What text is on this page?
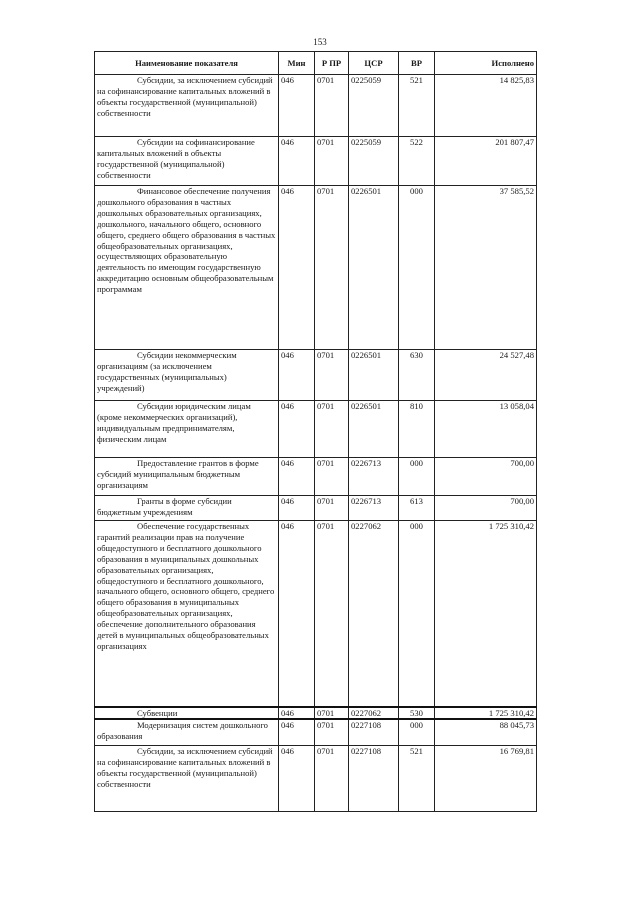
153
Наименование показателя	Мин	Р ПР	ЦСР	ВР	Исполнено

Субсидии, за исключением субсидий на софинансирование капитальных вложений в объекты государственной (муниципальной) собственности	046	0701	0225059	521	14 825,83

Субсидии на софинансирование капитальных вложений в объекты государственной (муниципальной) собственности	046	0701	0225059	522	201 807,47

Финансовое обеспечение получения дошкольного образования в частных дошкольных образовательных организациях, дошкольного, начального общего, основного общего, среднего общего образования в частных общеобразовательных организациях, осуществляющих образовательную деятельность по имеющим государственную аккредитацию основным общеобразовательным программам	046	0701	0226501	000	37 585,52

Субсидии некоммерческим организациям (за исключением государственных (муниципальных) учреждений)	046	0701	0226501	630	24 527,48

Субсидии юридическим лицам (кроме некоммерческих организаций), индивидуальным предпринимателям, физическим лицам	046	0701	0226501	810	13 058,04

Предоставление грантов в форме субсидий муниципальным бюджетным организациям	046	0701	0226713	000	700,00

Гранты в форме субсидии бюджетным учреждениям	046	0701	0226713	613	700,00

Обеспечение государственных гарантий реализации прав на получение общедоступного и бесплатного дошкольного образования в муниципальных дошкольных образовательных организациях, общедоступного и бесплатного дошкольного, начального общего, основного общего, среднего общего образования в муниципальных общеобразовательных организациях, обеспечение дополнительного образования детей в муниципальных общеобразовательных организациях	046	0701	0227062	000	1 725 310,42

Субвенции	046	0701	0227062	530	1 725 310,42

Модернизация систем дошкольного образования	046	0701	0227108	000	88 045,73

Субсидии, за исключением субсидий на софинансирование капитальных вложений в объекты государственной (муниципальной) собственности	046	0701	0227108	521	16 769,81
